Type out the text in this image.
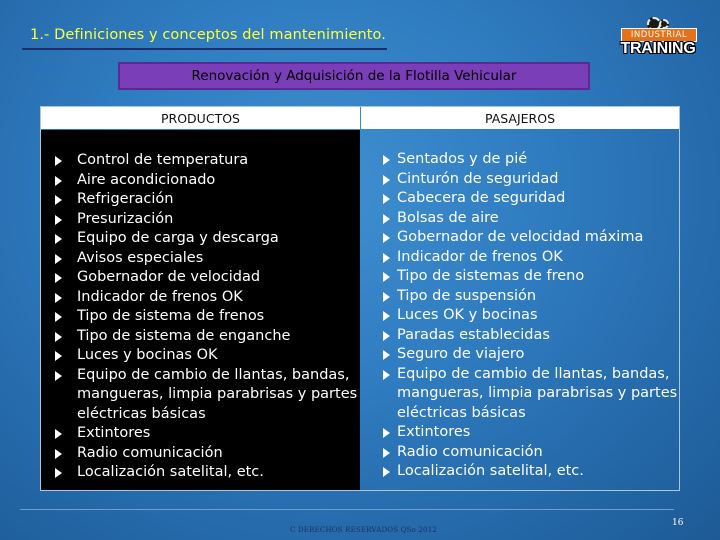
1.- Definiciones y conceptos del mantenimiento.	INDUSTRIAL
TRAINING
Renovación y Adquisición de la Flotilla Vehicular
PRODUCTOS	PASAJEROS
Control de temperatura
Aire acondicionado
Refrigeración
Presurización
Equipo de carga y descarga
Avisos especiales
Gobernador de velocidad
Indicador de frenos OK
Tipo de sistema de frenos
Tipo de sistema de enganche
Luces y bocinas OK
Equipo de cambio de llantas, bandas,
mangueras, limpia parabrisas y partes
eléctricas básicas
Extintores
Radio comunicación
Localización satelital, etc.
Sentados y de pié
Cinturón de seguridad
Cabecera de seguridad
Bolsas de aire
Gobernador de velocidad máxima
Indicador de frenos OK
Tipo de sistemas de freno
Tipo de suspensión
Luces OK y bocinas
Paradas establecidas
Seguro de viajero
Equipo de cambio de llantas, bandas,
mangueras, limpia parabrisas y partes
eléctricas básicas
Extintores
Radio comunicación
Localización satelital, etc.
C DERECHOS RESERVADOS QSo 2012
16
